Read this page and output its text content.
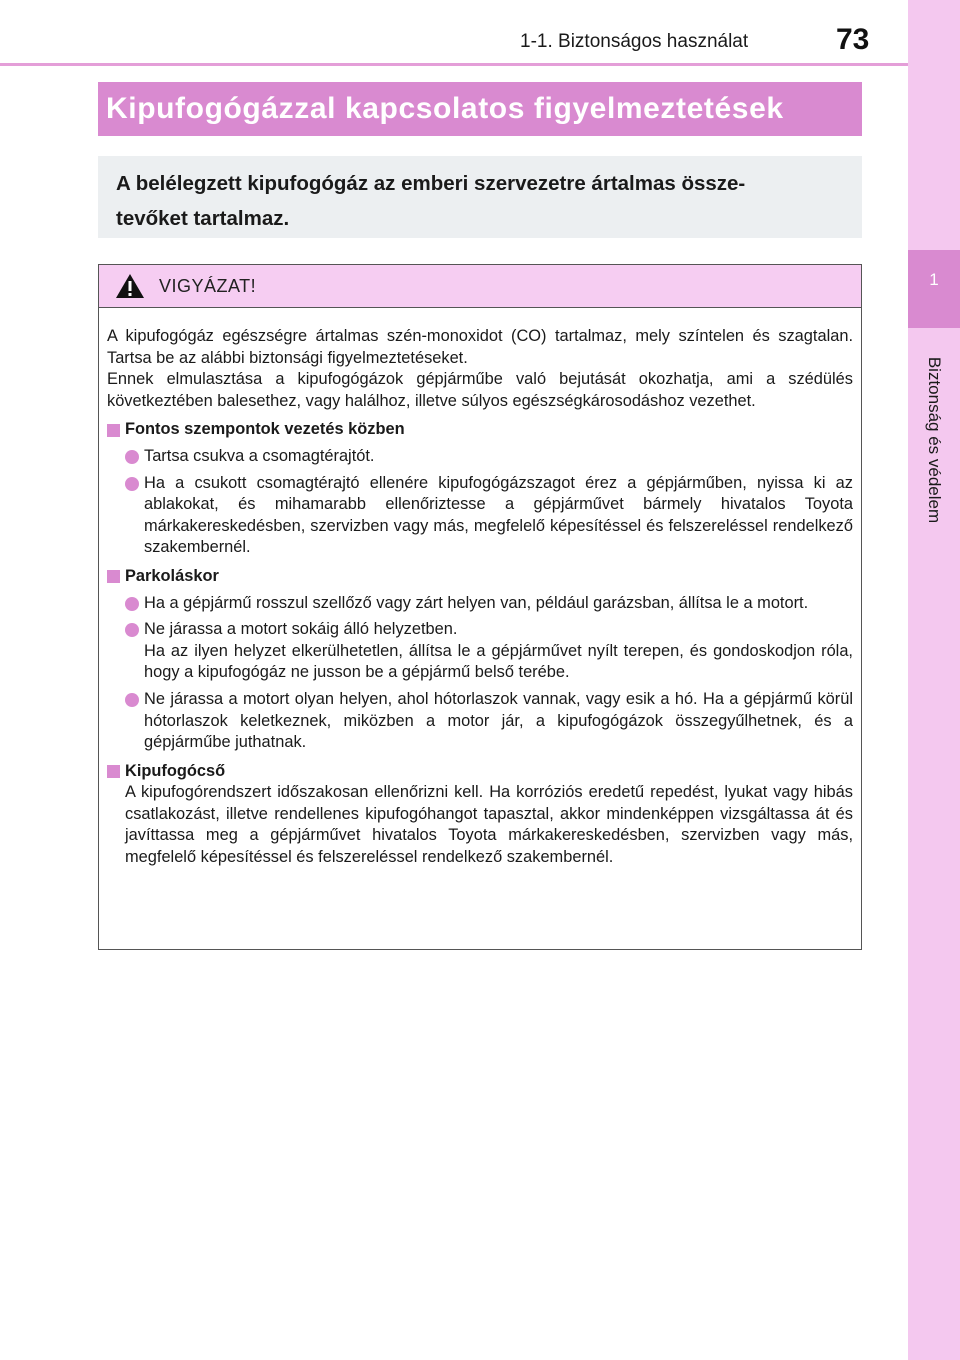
1-1. Biztonságos használat	73
1
Biztonság és védelem
Kipufogógázzal kapcsolatos figyelmeztetések
A belélegzett kipufogógáz az emberi szervezetre ártalmas össze-
tevőket tartalmaz.
VIGYÁZAT!

A kipufogógáz egészségre ártalmas szén-monoxidot (CO) tartalmaz, mely színtelen és szagtalan. Tartsa be az alábbi biztonsági figyelmeztetéseket.

Ennek elmulasztása a kipufogógázok gépjárműbe való bejutását okozhatja, ami a szédülés következtében balesethez, vagy halálhoz, illetve súlyos egészségkárosodáshoz vezethet.

Fontos szempontok vezetés közben
Tartsa csukva a csomagtérajtót.
Ha a csukott csomagtérajtó ellenére kipufogógázszagot érez a gépjárműben, nyissa ki az ablakokat, és mihamarabb ellenőriztesse a gépjárművet bármely hivatalos Toyota márkakereskedésben, szervizben vagy más, megfelelő képesítéssel és felszereléssel rendelkező szakembernél.
Parkoláskor
Ha a gépjármű rosszul szellőző vagy zárt helyen van, például garázsban, állítsa le a motort.
Ne járassa a motort sokáig álló helyzetben.
Ha az ilyen helyzet elkerülhetetlen, állítsa le a gépjárművet nyílt terepen, és gondoskodjon róla, hogy a kipufogógáz ne jusson be a gépjármű belső terébe.
Ne járassa a motort olyan helyen, ahol hótorlaszok vannak, vagy esik a hó. Ha a gépjármű körül hótorlaszok keletkeznek, miközben a motor jár, a kipufogógázok összegyűlhetnek, és a gépjárműbe juthatnak.
Kipufogócső
A kipufogórendszert időszakosan ellenőrizni kell. Ha korróziós eredetű repedést, lyukat vagy hibás csatlakozást, illetve rendellenes kipufogóhangot tapasztal, akkor mindenképpen vizsgáltassa át és javíttassa meg a gépjárművet hivatalos Toyota márkakereskedésben, szervizben vagy más, megfelelő képesítéssel és felszereléssel rendelkező szakembernél.
